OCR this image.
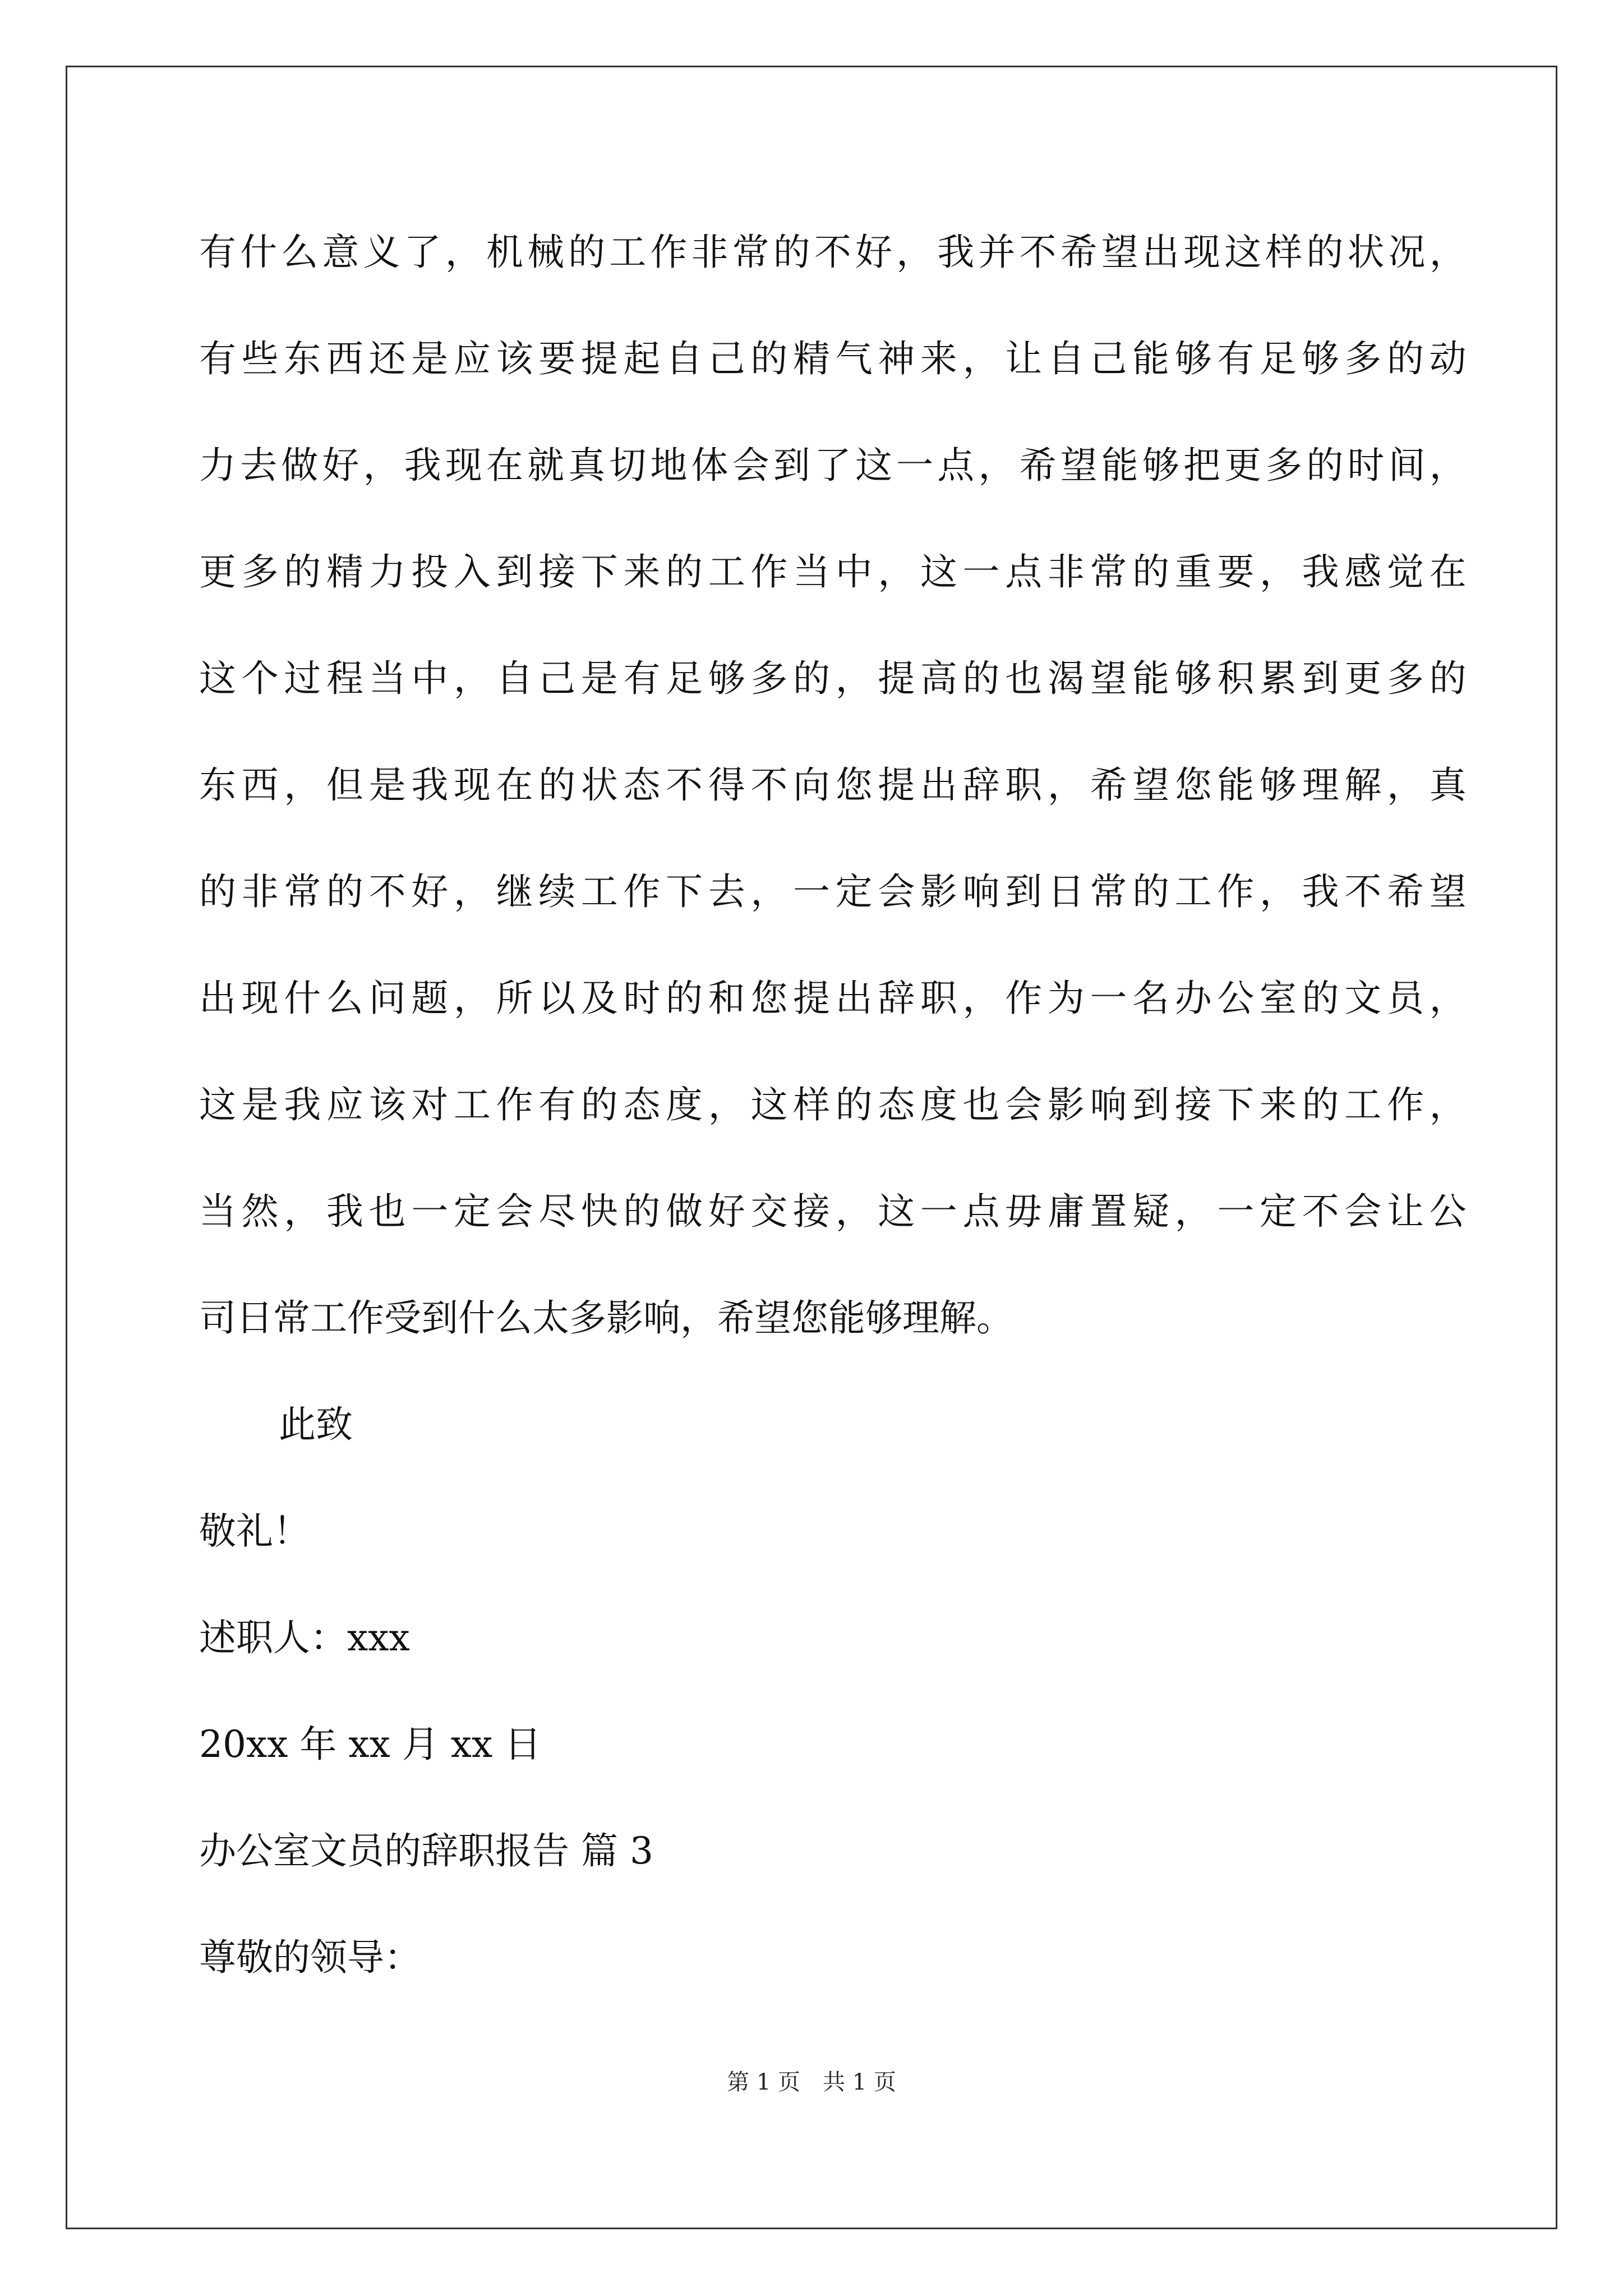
有 什 么 意 义 了 ， 机 械 的 工 作 非 常 的 不 好 ， 我 并 不 希 望 出 现 这 样 的 状 况 ，
有 些 东 西 还 是 应 该 要 提 起 自 己 的 精 气 神 来 ， 让 自 己 能 够 有 足 够 多 的 动
力 去 做 好 ， 我 现 在 就 真 切 地 体 会 到 了 这 一 点 ， 希 望 能 够 把 更 多 的 时 间 ，
更 多 的 精 力 投 入 到 接 下 来 的 工 作 当 中 ， 这 一 点 非 常 的 重 要 ， 我 感 觉 在
这 个 过 程 当 中 ， 自 己 是 有 足 够 多 的 ， 提 高 的 也 渴 望 能 够 积 累 到 更 多 的
东 西 ， 但 是 我 现 在 的 状 态 不 得 不 向 您 提 出 辞 职 ， 希 望 您 能 够 理 解 ， 真
的 非 常 的 不 好 ， 继 续 工 作 下 去 ， 一 定 会 影 响 到 日 常 的 工 作 ， 我 不 希 望
出 现 什 么 问 题 ， 所 以 及 时 的 和 您 提 出 辞 职 ， 作 为 一 名 办 公 室 的 文 员 ，
这 是 我 应 该 对 工 作 有 的 态 度 ， 这 样 的 态 度 也 会 影 响 到 接 下 来 的 工 作 ，
当 然 ， 我 也 一 定 会 尽 快 的 做 好 交 接 ， 这 一 点 毋 庸 置 疑 ， 一 定 不 会 让 公
司日常工作受到什么太多影响，希望您能够理解。
此致
敬礼！
述职人：xxx
20xx 年 xx 月 xx 日
办公室文员的辞职报告 篇 3
尊敬的领导：
第 1 页　共 1 页
